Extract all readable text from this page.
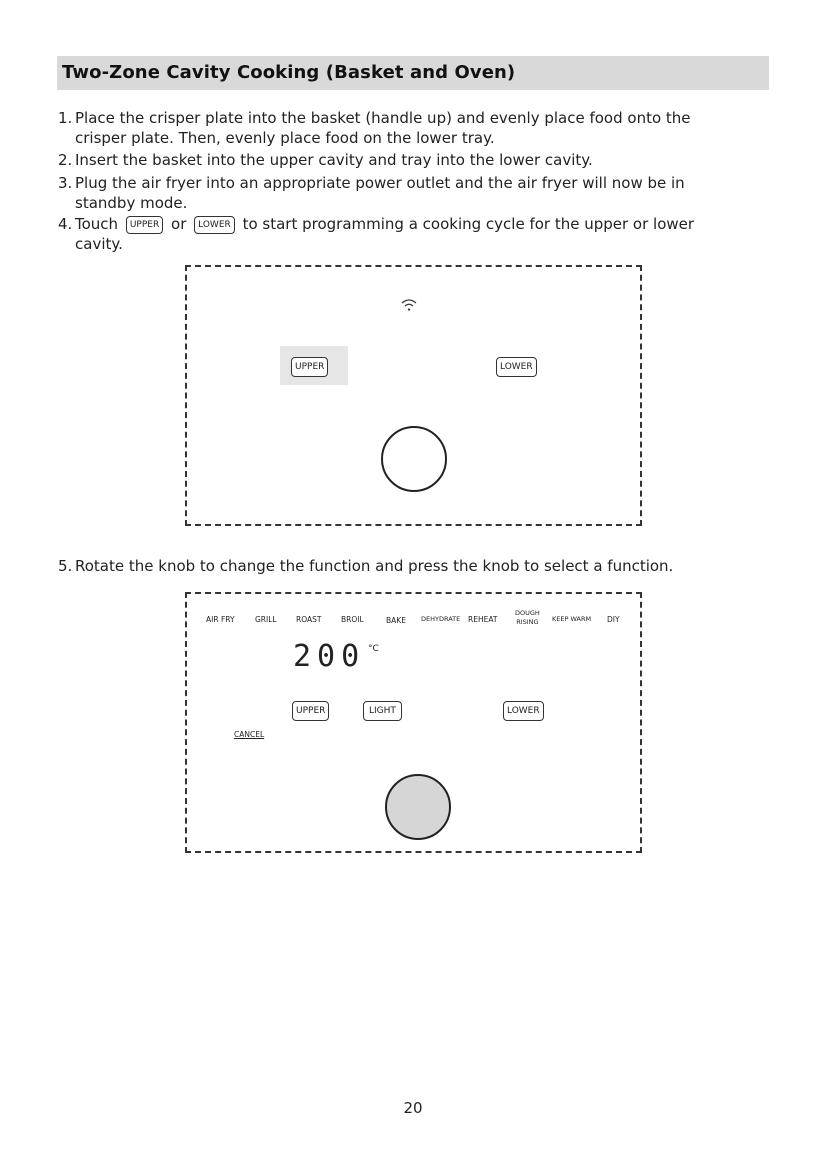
Two-Zone Cavity Cooking (Basket and Oven)
1. Place the crisper plate into the basket (handle up) and evenly place food onto the
crisper plate. Then, evenly place food on the lower tray.
2. Insert the basket into the upper cavity and tray into the lower cavity.
3. Plug the air fryer into an appropriate power outlet and the air fryer will now be in
standby mode.
4. Touch UPPER or LOWER to start programming a cooking cycle for the upper or lower
cavity.
UPPER	LOWER
5. Rotate the knob to change the function and press the knob to select a function.
AIR FRY	GRILL	ROAST	BROIL	BAKE DEHYDRATE REHEAT
DOUGH
RISING KEEP WARM DIY
200 °C
UPPER	LIGHT	LOWER
CANCEL
20
